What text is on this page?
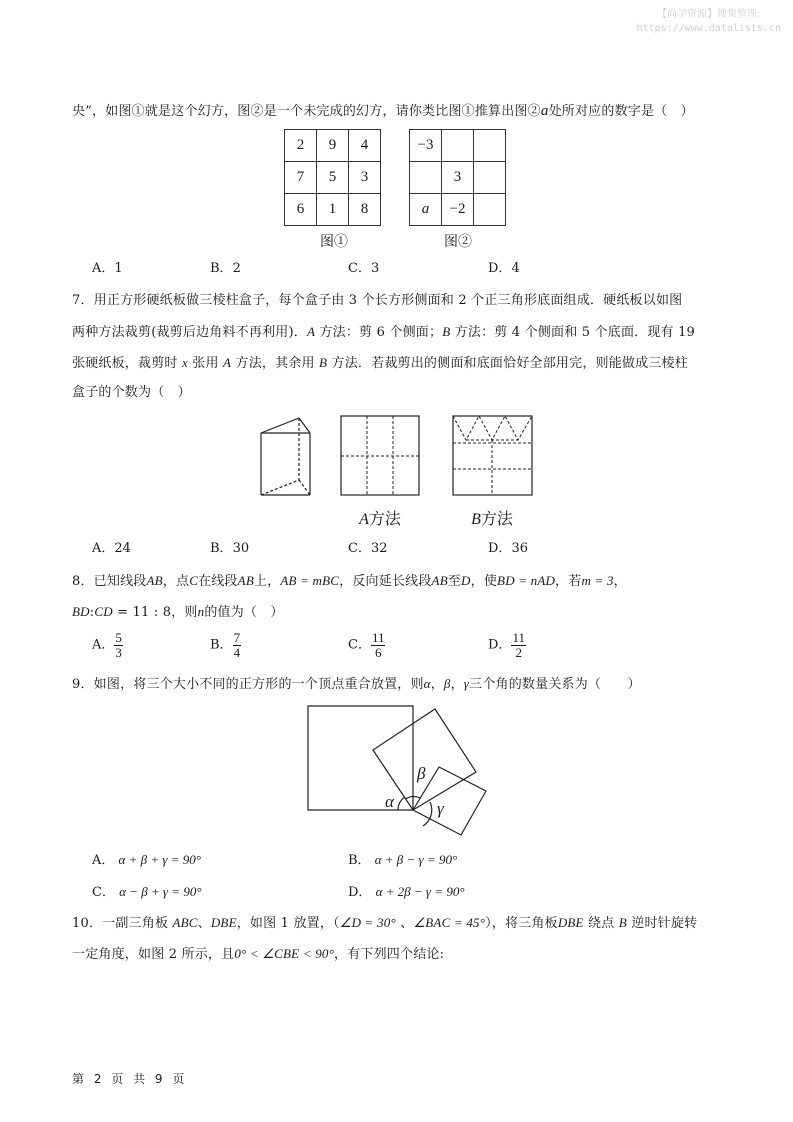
【尚学资源】搜集整理:
https://www.datalists.cn
央”，如图①就是这个幻方，图②是一个未完成的幻方，请你类比图①推算出图②a处所对应的数字是（　）
2	9	4
7	5	3
6	1	8
图①
−3		
	3	
a	−2	
图②
A．1	B．2	C．3	D．4
7．用正方形硬纸板做三棱柱盒子，每个盒子由 3 个长方形侧面和 2 个正三角形底面组成．硬纸板以如图
两种方法裁剪(裁剪后边角料不再利用)．A 方法：剪 6 个侧面；B 方法：剪 4 个侧面和 5 个底面．现有 19
张硬纸板，裁剪时 x 张用 A 方法，其余用 B 方法．若裁剪出的侧面和底面恰好全部用完，则能做成三棱柱
盒子的个数为（　）
A方法	B方法
A．24	B．30	C．32	D．36
8．已知线段AB，点C在线段AB上，AB = mBC，反向延长线段AB至D，使BD = nAD，若m = 3，
BD:CD = 11 : 8，则n的值为（　）
A． $\frac{5}{3}$	B． $\frac{7}{4}$	C． $\frac{11}{6}$	D． $\frac{11}{2}$
9．如图，将三个大小不同的正方形的一个顶点重合放置，则α，β，γ三个角的数量关系为（　　）
α
β
γ
A． α + β + γ = 90°	B． α + β − γ = 90°
C． α − β + γ = 90°	D． α + 2β − γ = 90°
10．一副三角板 ABC、DBE，如图 1 放置，（∠D = 30° 、∠BAC = 45°），将三角板DBE 绕点 B 逆时针旋转
一定角度，如图 2 所示，且0° < ∠CBE < 90°，有下列四个结论:
第 2 页 共 9 页
